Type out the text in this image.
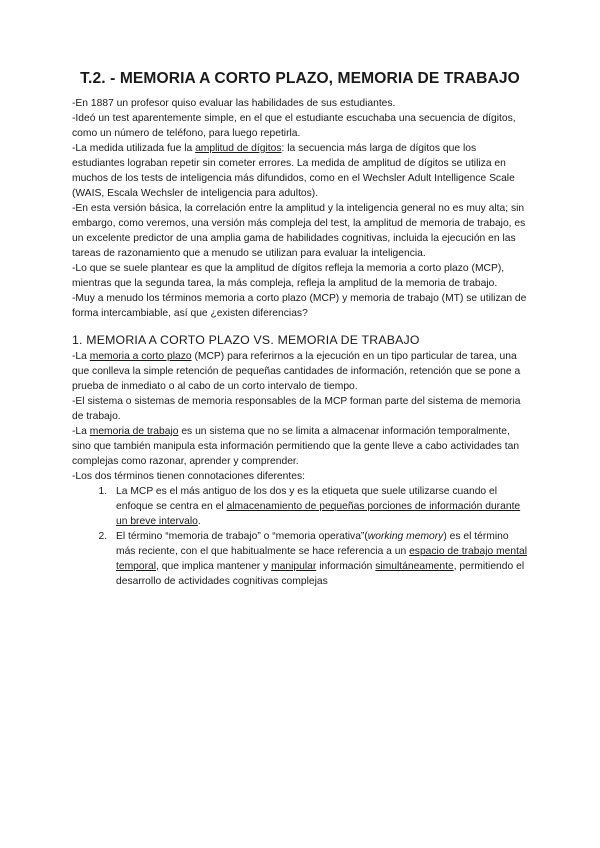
T.2. - MEMORIA A CORTO PLAZO, MEMORIA DE TRABAJO

-En 1887 un profesor quiso evaluar las habilidades de sus estudiantes.

-Ideó un test aparentemente simple, en el que el estudiante escuchaba una secuencia de dígitos, como un número de teléfono, para luego repetirla.

-La medida utilizada fue la amplitud de dígitos: la secuencia más larga de dígitos que los estudiantes lograban repetir sin cometer errores. La medida de amplitud de dígitos se utiliza en muchos de los tests de inteligencia más difundidos, como en el Wechsler Adult Intelligence Scale (WAIS, Escala Wechsler de inteligencia para adultos).

-En esta versión básica, la correlación entre la amplitud y la inteligencia general no es muy alta; sin embargo, como veremos, una versión más compleja del test, la amplitud de memoria de trabajo, es un excelente predictor de una amplia gama de habilidades cognitivas, incluida la ejecución en las tareas de razonamiento que a menudo se utilizan para evaluar la inteligencia.

-Lo que se suele plantear es que la amplitud de dígitos refleja la memoria a corto plazo (MCP), mientras que la segunda tarea, la más compleja, refleja la amplitud de la memoria de trabajo.

-Muy a menudo los términos memoria a corto plazo (MCP) y memoria de trabajo (MT) se utilizan de forma intercambiable, así que ¿existen diferencias?

1. MEMORIA A CORTO PLAZO VS. MEMORIA DE TRABAJO

-La memoria a corto plazo (MCP) para referirnos a la ejecución en un tipo particular de tarea, una que conlleva la simple retención de pequeñas cantidades de información, retención que se pone a prueba de inmediato o al cabo de un corto intervalo de tiempo.

-El sistema o sistemas de memoria responsables de la MCP forman parte del sistema de memoria de trabajo.

-La memoria de trabajo es un sistema que no se limita a almacenar información temporalmente, sino que también manipula esta información permitiendo que la gente lleve a cabo actividades tan complejas como razonar, aprender y comprender.

-Los dos términos tienen connotaciones diferentes:

1. La MCP es el más antiguo de los dos y es la etiqueta que suele utilizarse cuando el enfoque se centra en el almacenamiento de pequeñas porciones de información durante un breve intervalo.
2. El término “memoria de trabajo” o “memoria operativa”(working memory) es el término más reciente, con el que habitualmente se hace referencia a un espacio de trabajo mental temporal, que implica mantener y manipular información simultáneamente, permitiendo el desarrollo de actividades cognitivas complejas
